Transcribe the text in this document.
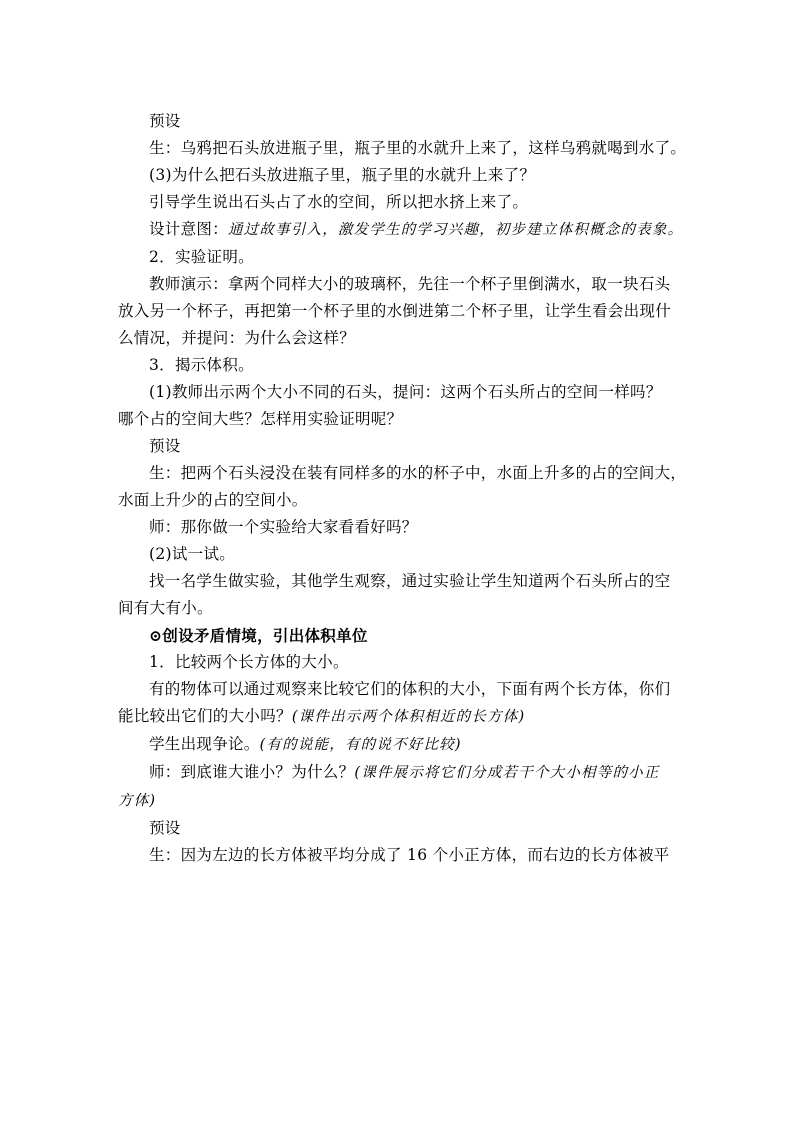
预设
生：乌鸦把石头放进瓶子里，瓶子里的水就升上来了，这样乌鸦就喝到水了。
(3)为什么把石头放进瓶子里，瓶子里的水就升上来了？
引导学生说出石头占了水的空间，所以把水挤上来了。
设计意图：通过故事引入，激发学生的学习兴趣，初步建立体积概念的表象。
2．实验证明。
教师演示：拿两个同样大小的玻璃杯，先往一个杯子里倒满水，取一块石头
放入另一个杯子，再把第一个杯子里的水倒进第二个杯子里，让学生看会出现什
么情况，并提问：为什么会这样？
3．揭示体积。
(1)教师出示两个大小不同的石头，提问：这两个石头所占的空间一样吗？
哪个占的空间大些？怎样用实验证明呢？
预设
生：把两个石头浸没在装有同样多的水的杯子中，水面上升多的占的空间大，
水面上升少的占的空间小。
师：那你做一个实验给大家看看好吗？
(2)试一试。
找一名学生做实验，其他学生观察，通过实验让学生知道两个石头所占的空
间有大有小。
⊙创设矛盾情境，引出体积单位
1．比较两个长方体的大小。
有的物体可以通过观察来比较它们的体积的大小，下面有两个长方体，你们
能比较出它们的大小吗？(课件出示两个体积相近的长方体)
学生出现争论。(有的说能，有的说不好比较)
师：到底谁大谁小？为什么？(课件展示将它们分成若干个大小相等的小正
方体)
预设
生：因为左边的长方体被平均分成了 16 个小正方体，而右边的长方体被平
